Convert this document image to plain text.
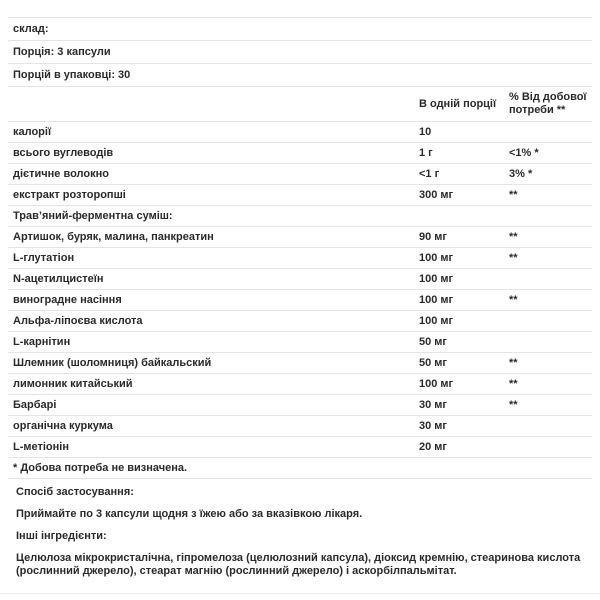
склад:
Порція: 3 капсули
Порцій в упаковці: 30
	В одній порції	% Від добової потреби **
калорії	10	
всього вуглеводів	1 г	<1% *
дієтичне волокно	<1 г	3% *
екстракт розторопші	300 мг	**
Трав’яний-ферментна суміш:		
Артишок, буряк, малина, панкреатин	90 мг	**
L-глутатіон	100 мг	**
N-ацетилцистеїн	100 мг	
виноградне насіння	100 мг	**
Альфа-ліпоєва кислота	100 мг	
L-карнітин	50 мг	
Шлемник (шоломниця) байкальский	50 мг	**
лимонник китайський	100 мг	**
Барбарі	30 мг	**
органічна куркума	30 мг	
L-метіонін	20 мг	
* Добова потреба не визначена.		

Спосіб застосування:

Приймайте по 3 капсули щодня з їжею або за вказівкою лікаря.

Інші інгредієнти:

Целюлоза мікрокристалічна, гіпромелоза (целюлозний капсула), діоксид кремнію, стеаринова кислота (рослинний джерело), стеарат магнію (рослинний джерело) і аскорбілпальмітат.
